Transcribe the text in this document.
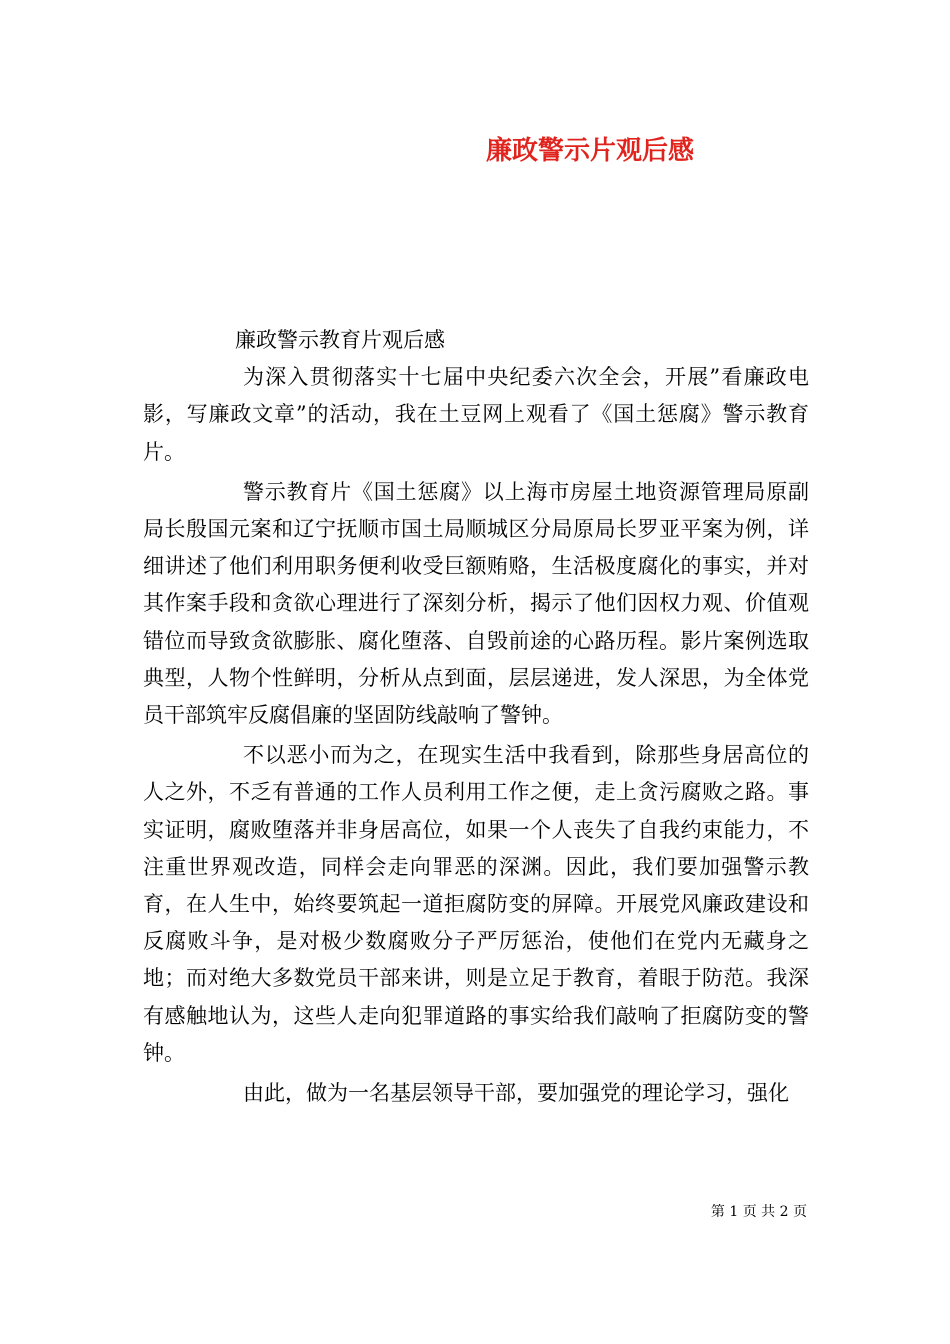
廉政警示片观后感

廉政警示教育片观后感

为深入贯彻落实十七届中央纪委六次全会，开展”看廉政电影，写廉政文章”的活动，我在土豆网上观看了《国土惩腐》警示教育片。

警示教育片《国土惩腐》以上海市房屋土地资源管理局原副局长殷国元案和辽宁抚顺市国土局顺城区分局原局长罗亚平案为例，详细讲述了他们利用职务便利收受巨额贿赂，生活极度腐化的事实，并对其作案手段和贪欲心理进行了深刻分析，揭示了他们因权力观、价值观错位而导致贪欲膨胀、腐化堕落、自毁前途的心路历程。影片案例选取典型，人物个性鲜明，分析从点到面，层层递进，发人深思，为全体党员干部筑牢反腐倡廉的坚固防线敲响了警钟。

不以恶小而为之，在现实生活中我看到，除那些身居高位的人之外，不乏有普通的工作人员利用工作之便，走上贪污腐败之路。事实证明，腐败堕落并非身居高位，如果一个人丧失了自我约束能力，不注重世界观改造，同样会走向罪恶的深渊。因此，我们要加强警示教育，在人生中，始终要筑起一道拒腐防变的屏障。开展党风廉政建设和反腐败斗争，是对极少数腐败分子严厉惩治，使他们在党内无藏身之地；而对绝大多数党员干部来讲，则是立足于教育，着眼于防范。我深有感触地认为，这些人走向犯罪道路的事实给我们敲响了拒腐防变的警钟。

由此，做为一名基层领导干部，要加强党的理论学习，强化

第 1 页 共 2 页
